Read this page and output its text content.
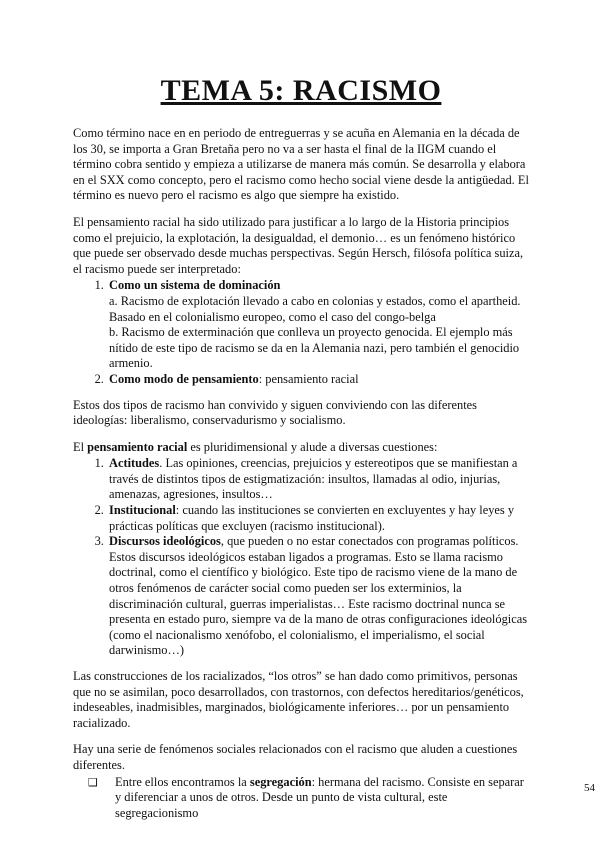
TEMA 5: RACISMO

Como término nace en en periodo de entreguerras y se acuña en Alemania en la década de los 30, se importa a Gran Bretaña pero no va a ser hasta el final de la IIGM cuando el término cobra sentido y empieza a utilizarse de manera más común. Se desarrolla y elabora en el SXX como concepto, pero el racismo como hecho social viene desde la antigüedad. El término es nuevo pero el racismo es algo que siempre ha existido.

El pensamiento racial ha sido utilizado para justificar a lo largo de la Historia principios como el prejuicio, la explotación, la desigualdad, el demonio… es un fenómeno histórico que puede ser observado desde muchas perspectivas. Según Hersch, filósofa política suiza, el racismo puede ser interpretado:

1. Como un sistema de dominación
a. Racismo de explotación llevado a cabo en colonias y estados, como el apartheid. Basado en el colonialismo europeo, como el caso del congo-belga
b. Racismo de exterminación que conlleva un proyecto genocida. El ejemplo más nítido de este tipo de racismo se da en la Alemania nazi, pero también el genocidio armenio.
2. Como modo de pensamiento: pensamiento racial

Estos dos tipos de racismo han convivido y siguen conviviendo con las diferentes ideologías: liberalismo, conservadurismo y socialismo.

El pensamiento racial es pluridimensional y alude a diversas cuestiones:

1. Actitudes. Las opiniones, creencias, prejuicios y estereotipos que se manifiestan a través de distintos tipos de estigmatización: insultos, llamadas al odio, injurias, amenazas, agresiones, insultos…
2. Institucional: cuando las instituciones se convierten en excluyentes y hay leyes y prácticas políticas que excluyen (racismo institucional).
3. Discursos ideológicos, que pueden o no estar conectados con programas políticos. Estos discursos ideológicos estaban ligados a programas. Esto se llama racismo doctrinal, como el científico y biológico. Este tipo de racismo viene de la mano de otros fenómenos de carácter social como pueden ser los exterminios, la discriminación cultural, guerras imperialistas… Este racismo doctrinal nunca se presenta en estado puro, siempre va de la mano de otras configuraciones ideológicas (como el nacionalismo xenófobo, el colonialismo, el imperialismo, el social darwinismo…)

Las construcciones de los racializados, “los otros” se han dado como primitivos, personas que no se asimilan, poco desarrollados, con trastornos, con defectos hereditarios/genéticos, indeseables, inadmisibles, marginados, biológicamente inferiores… por un pensamiento racializado.

Hay una serie de fenómenos sociales relacionados con el racismo que aluden a cuestiones diferentes.

❑ Entre ellos encontramos la segregación: hermana del racismo. Consiste en separar y diferenciar a unos de otros. Desde un punto de vista cultural, este segregacionismo
54
